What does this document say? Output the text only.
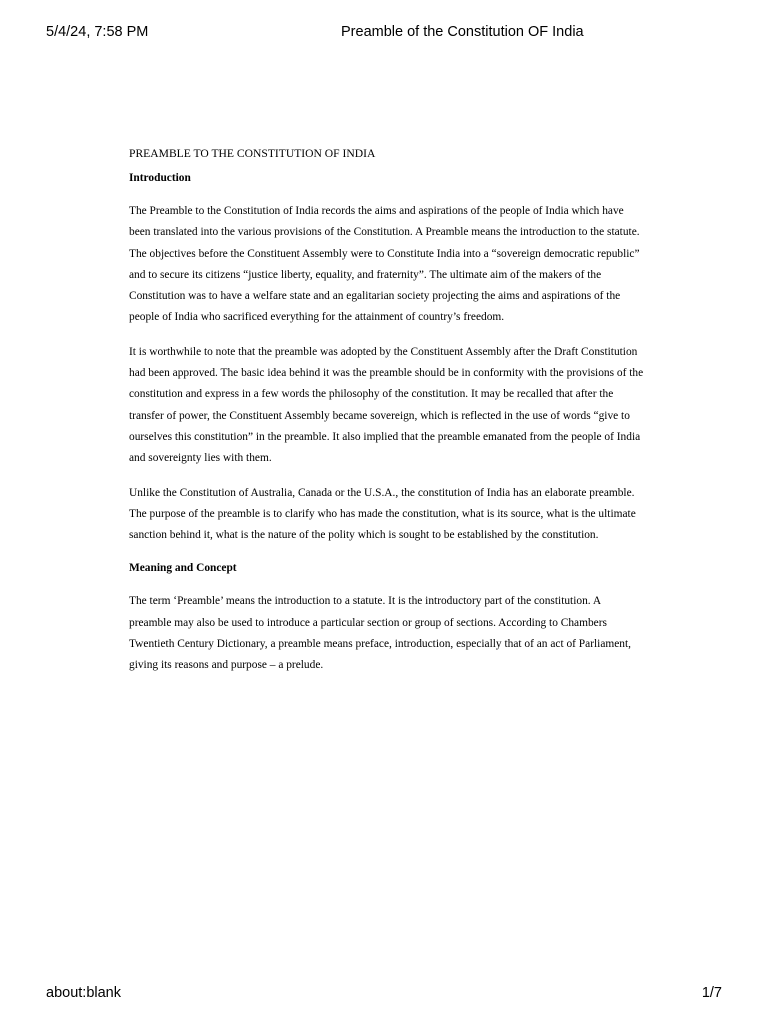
5/4/24, 7:58 PM	Preamble of the Constitution OF India

PREAMBLE TO THE CONSTITUTION OF INDIA

Introduction

The Preamble to the Constitution of India records the aims and aspirations of the people of India which have been translated into the various provisions of the Constitution. A Preamble means the introduction to the statute. The objectives before the Constituent Assembly were to Constitute India into a “sovereign democratic republic” and to secure its citizens “justice liberty, equality, and fraternity”. The ultimate aim of the makers of the Constitution was to have a welfare state and an egalitarian society projecting the aims and aspirations of the people of India who sacrificed everything for the attainment of country’s freedom.

It is worthwhile to note that the preamble was adopted by the Constituent Assembly after the Draft Constitution had been approved. The basic idea behind it was the preamble should be in conformity with the provisions of the constitution and express in a few words the philosophy of the constitution. It may be recalled that after the transfer of power, the Constituent Assembly became sovereign, which is reflected in the use of words “give to ourselves this constitution” in the preamble. It also implied that the preamble emanated from the people of India and sovereignty lies with them.

Unlike the Constitution of Australia, Canada or the U.S.A., the constitution of India has an elaborate preamble. The purpose of the preamble is to clarify who has made the constitution, what is its source, what is the ultimate sanction behind it, what is the nature of the polity which is sought to be established by the constitution.

Meaning and Concept

The term ‘Preamble’ means the introduction to a statute. It is the introductory part of the constitution. A preamble may also be used to introduce a particular section or group of sections. According to Chambers Twentieth Century Dictionary, a preamble means preface, introduction, especially that of an act of Parliament, giving its reasons and purpose – a prelude.

about:blank	1/7
